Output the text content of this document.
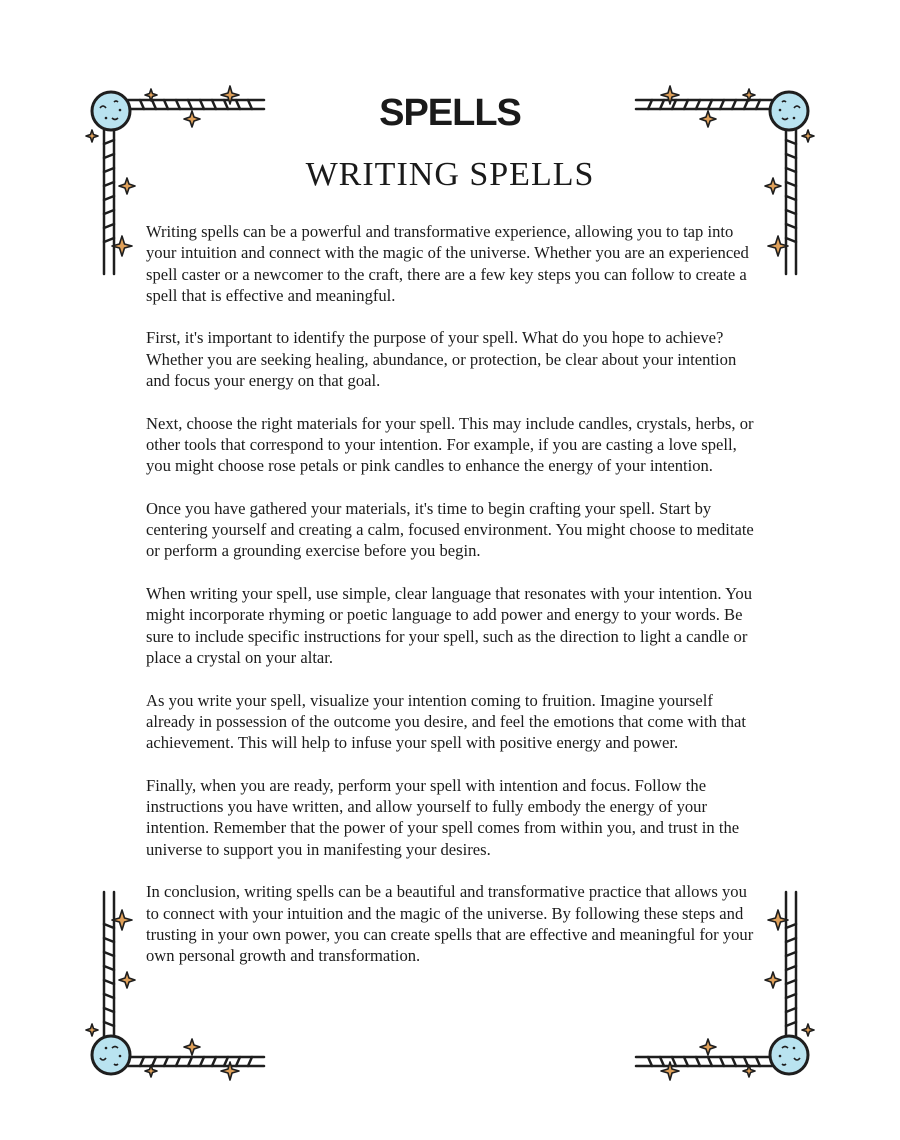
SPELLS
WRITING SPELLS

Writing spells can be a powerful and transformative experience, allowing you to tap into your intuition and connect with the magic of the universe. Whether you are an experienced spell caster or a newcomer to the craft, there are a few key steps you can follow to create a spell that is effective and meaningful.

First, it's important to identify the purpose of your spell. What do you hope to achieve? Whether you are seeking healing, abundance, or protection, be clear about your intention and focus your energy on that goal.

Next, choose the right materials for your spell. This may include candles, crystals, herbs, or other tools that correspond to your intention. For example, if you are casting a love spell, you might choose rose petals or pink candles to enhance the energy of your intention.

Once you have gathered your materials, it's time to begin crafting your spell. Start by centering yourself and creating a calm, focused environment. You might choose to meditate or perform a grounding exercise before you begin.

When writing your spell, use simple, clear language that resonates with your intention. You might incorporate rhyming or poetic language to add power and energy to your words. Be sure to include specific instructions for your spell, such as the direction to light a candle or place a crystal on your altar.

As you write your spell, visualize your intention coming to fruition. Imagine yourself already in possession of the outcome you desire, and feel the emotions that come with that achievement. This will help to infuse your spell with positive energy and power.

Finally, when you are ready, perform your spell with intention and focus. Follow the instructions you have written, and allow yourself to fully embody the energy of your intention. Remember that the power of your spell comes from within you, and trust in the universe to support you in manifesting your desires.

In conclusion, writing spells can be a beautiful and transformative practice that allows you to connect with your intuition and the magic of the universe. By following these steps and trusting in your own power, you can create spells that are effective and meaningful for your own personal growth and transformation.
